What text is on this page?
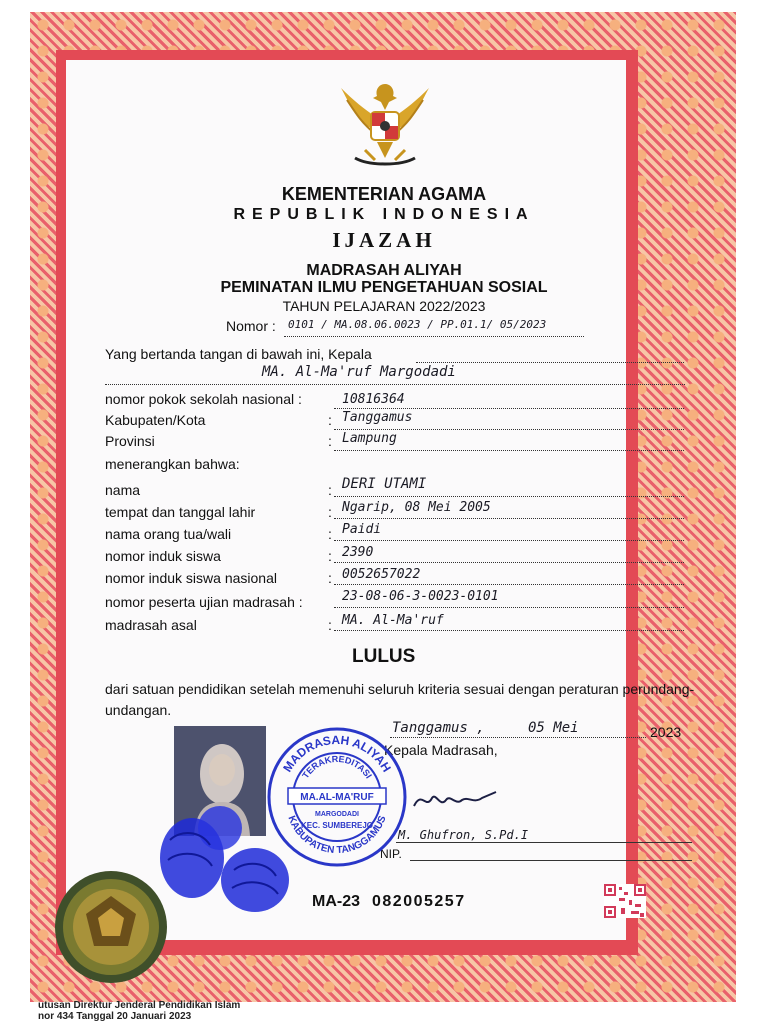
KEMENTERIAN AGAMA
REPUBLIK INDONESIA
IJAZAH
MADRASAH ALIYAH
PEMINATAN ILMU PENGETAHUAN SOSIAL
TAHUN PELAJARAN 2022/2023
Nomor : 0101 / MA.08.06.0023 / PP.01.1/ 05/2023
Yang bertanda tangan di bawah ini, Kepala
MA. Al-Ma'ruf Margodadi
nomor pokok sekolah nasional :	10816364
Kabupaten/Kota	: Tanggamus
Provinsi	: Lampung
menerangkan bahwa:
nama	: DERI UTAMI
tempat dan tanggal lahir	: Ngarip, 08 Mei 2005
nama orang tua/wali	: Paidi
nomor induk siswa	: 2390
nomor induk siswa nasional	: 0052657022
nomor peserta ujian madrasah :	23-08-06-3-0023-0101
madrasah asal	: MA. Al-Ma'ruf
LULUS
dari satuan pendidikan setelah memenuhi seluruh kriteria sesuai dengan peraturan perundang-undangan.
Tanggamus ,	05 Mei	2023
Kepala Madrasah,
M. Ghufron, S.Pd.I
NIP.
MADRASAH ALIYAH
TERAKREDITASI
MA.AL-MA'RUF
MARGODADI
KEC. SUMBEREJO
KABUPATEN TANGGAMUS
MA-23 082005257
utusan Direktur Jenderal Pendidikan Islam
nor 434 Tanggal 20 Januari 2023
